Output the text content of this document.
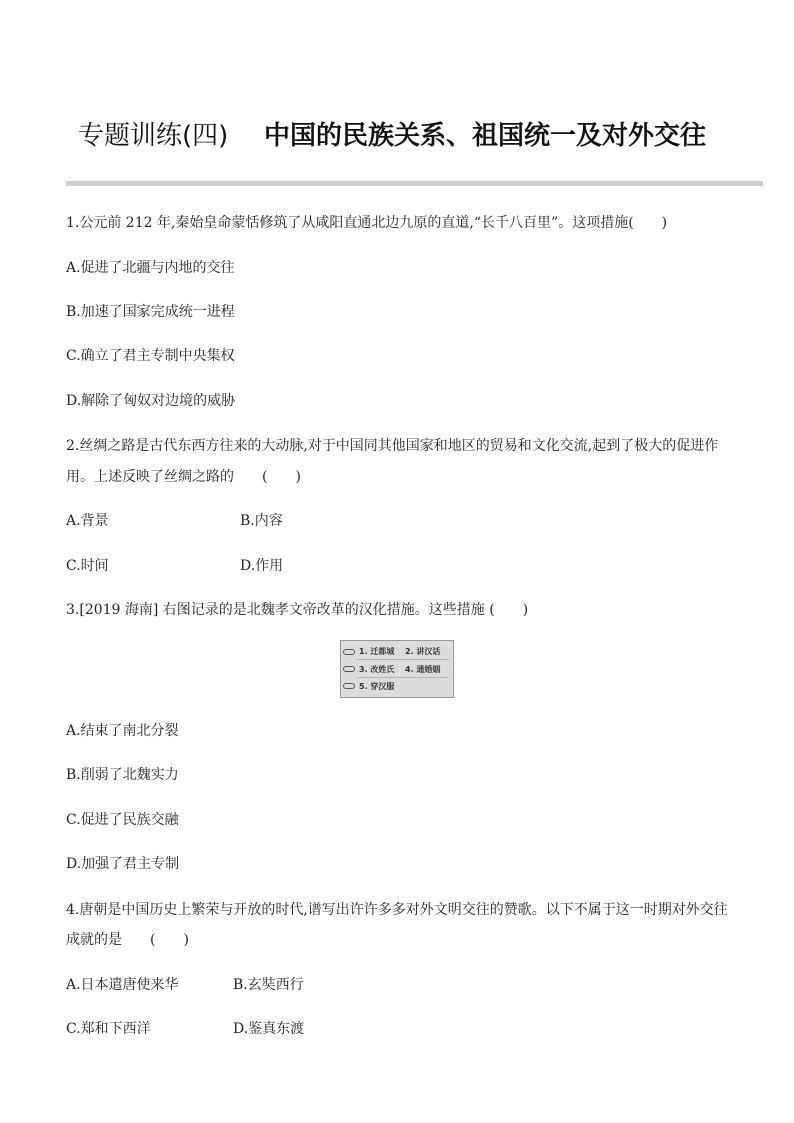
专题训练(四) 中国的民族关系、祖国统一及对外交往
1.公元前 212 年,秦始皇命蒙恬修筑了从咸阳直通北边九原的直道,“长千八百里”。这项措施(　　)
A.促进了北疆与内地的交往
B.加速了国家完成统一进程
C.确立了君主专制中央集权
D.解除了匈奴对边境的威胁
2.丝绸之路是古代东西方往来的大动脉,对于中国同其他国家和地区的贸易和文化交流,起到了极大的促进作
用。上述反映了丝绸之路的　　(　　)
A.背景	B.内容
C.时间	D.作用
3.[2019 海南] 右图记录的是北魏孝文帝改革的汉化措施。这些措施 (　　)
1. 迁都城 2. 讲汉话
3. 改姓氏 4. 通婚姻
5. 穿汉服
A.结束了南北分裂
B.削弱了北魏实力
C.促进了民族交融
D.加强了君主专制
4.唐朝是中国历史上繁荣与开放的时代,谱写出许许多多对外文明交往的赞歌。以下不属于这一时期对外交往
成就的是　　(　　)
A.日本遣唐使来华	B.玄奘西行
C.郑和下西洋	D.鉴真东渡
